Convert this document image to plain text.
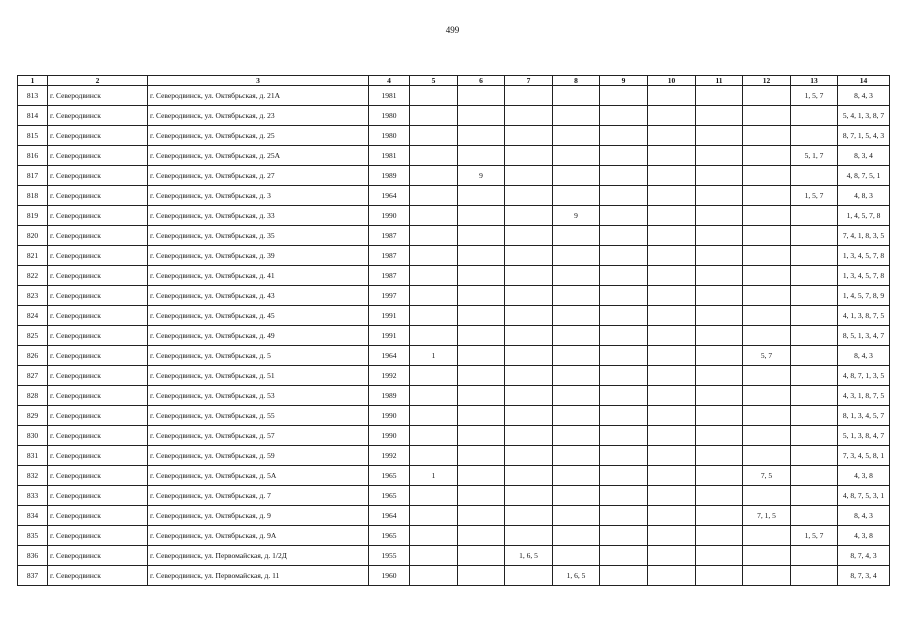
499
1	2	3	4	5	6	7	8	9	10	11	12	13	14
813	г. Северодвинск	г. Северодвинск, ул. Октябрьская, д. 21А	1981									1, 5, 7	8, 4, 3
814	г. Северодвинск	г. Северодвинск, ул. Октябрьская, д. 23	1980										5, 4, 1, 3, 8, 7
815	г. Северодвинск	г. Северодвинск, ул. Октябрьская, д. 25	1980										8, 7, 1, 5, 4, 3
816	г. Северодвинск	г. Северодвинск, ул. Октябрьская, д. 25А	1981									5, 1, 7	8, 3, 4
817	г. Северодвинск	г. Северодвинск, ул. Октябрьская, д. 27	1989		9								4, 8, 7, 5, 1
818	г. Северодвинск	г. Северодвинск, ул. Октябрьская, д. 3	1964									1, 5, 7	4, 8, 3
819	г. Северодвинск	г. Северодвинск, ул. Октябрьская, д. 33	1990				9						1, 4, 5, 7, 8
820	г. Северодвинск	г. Северодвинск, ул. Октябрьская, д. 35	1987										7, 4, 1, 8, 3, 5
821	г. Северодвинск	г. Северодвинск, ул. Октябрьская, д. 39	1987										1, 3, 4, 5, 7, 8
822	г. Северодвинск	г. Северодвинск, ул. Октябрьская, д. 41	1987										1, 3, 4, 5, 7, 8
823	г. Северодвинск	г. Северодвинск, ул. Октябрьская, д. 43	1997										1, 4, 5, 7, 8, 9
824	г. Северодвинск	г. Северодвинск, ул. Октябрьская, д. 45	1991										4, 1, 3, 8, 7, 5
825	г. Северодвинск	г. Северодвинск, ул. Октябрьская, д. 49	1991										8, 5, 1, 3, 4, 7
826	г. Северодвинск	г. Северодвинск, ул. Октябрьская, д. 5	1964	1							5, 7		8, 4, 3
827	г. Северодвинск	г. Северодвинск, ул. Октябрьская, д. 51	1992										4, 8, 7, 1, 3, 5
828	г. Северодвинск	г. Северодвинск, ул. Октябрьская, д. 53	1989										4, 3, 1, 8, 7, 5
829	г. Северодвинск	г. Северодвинск, ул. Октябрьская, д. 55	1990										8, 1, 3, 4, 5, 7
830	г. Северодвинск	г. Северодвинск, ул. Октябрьская, д. 57	1990										5, 1, 3, 8, 4, 7
831	г. Северодвинск	г. Северодвинск, ул. Октябрьская, д. 59	1992										7, 3, 4, 5, 8, 1
832	г. Северодвинск	г. Северодвинск, ул. Октябрьская, д. 5А	1965	1							7, 5		4, 3, 8
833	г. Северодвинск	г. Северодвинск, ул. Октябрьская, д. 7	1965										4, 8, 7, 5, 3, 1
834	г. Северодвинск	г. Северодвинск, ул. Октябрьская, д. 9	1964								7, 1, 5		8, 4, 3
835	г. Северодвинск	г. Северодвинск, ул. Октябрьская, д. 9А	1965									1, 5, 7	4, 3, 8
836	г. Северодвинск	г. Северодвинск, ул. Первомайская, д. 1/2Д	1955			1, 6, 5							8, 7, 4, 3
837	г. Северодвинск	г. Северодвинск, ул. Первомайская, д. 11	1960				1, 6, 5						8, 7, 3, 4
